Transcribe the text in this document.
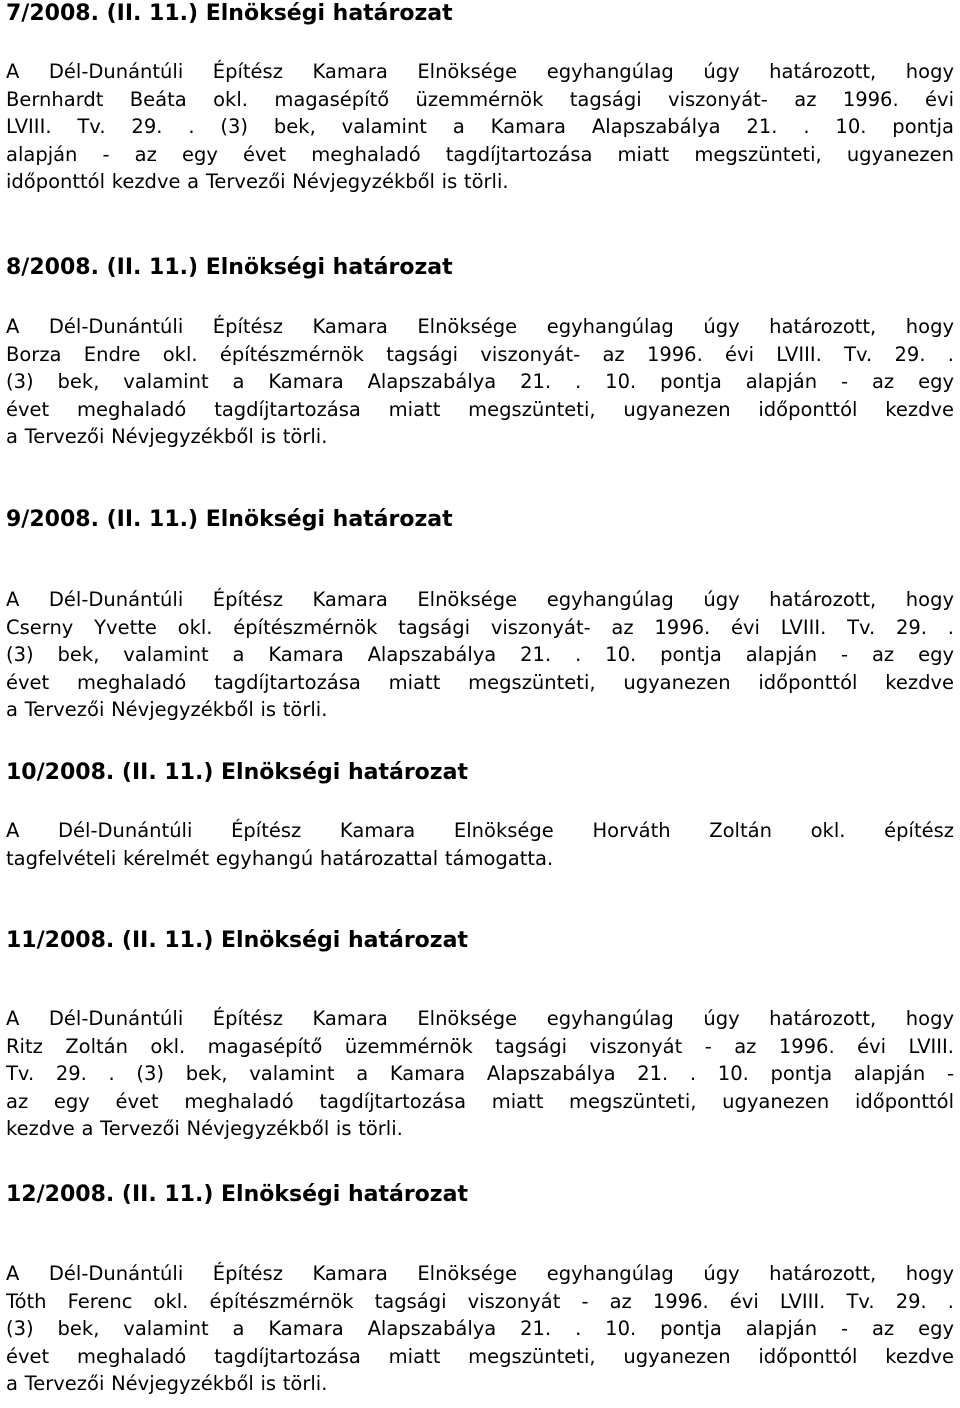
7/2008. (II. 11.) Elnökségi határozat

A Dél-Dunántúli Építész Kamara Elnöksége egyhangúlag úgy határozott, hogy
Bernhardt Beáta okl. magasépítő üzemmérnök tagsági viszonyát- az 1996. évi
LVIII. Tv. 29. . (3) bek, valamint a Kamara Alapszabálya 21. . 10. pontja
alapján - az egy évet meghaladó tagdíjtartozása miatt megszünteti, ugyanezen
időponttól kezdve a Tervezői Névjegyzékből is törli.

8/2008. (II. 11.) Elnökségi határozat

A Dél-Dunántúli Építész Kamara Elnöksége egyhangúlag úgy határozott, hogy
Borza Endre okl. építészmérnök tagsági viszonyát- az 1996. évi LVIII. Tv. 29. .
(3) bek, valamint a Kamara Alapszabálya 21. . 10. pontja alapján - az egy
évet meghaladó tagdíjtartozása miatt megszünteti, ugyanezen időponttól kezdve
a Tervezői Névjegyzékből is törli.

9/2008. (II. 11.) Elnökségi határozat

A Dél-Dunántúli Építész Kamara Elnöksége egyhangúlag úgy határozott, hogy
Cserny Yvette okl. építészmérnök tagsági viszonyát- az 1996. évi LVIII. Tv. 29. .
(3) bek, valamint a Kamara Alapszabálya 21. . 10. pontja alapján - az egy
évet meghaladó tagdíjtartozása miatt megszünteti, ugyanezen időponttól kezdve
a Tervezői Névjegyzékből is törli.

10/2008. (II. 11.) Elnökségi határozat

A Dél-Dunántúli Építész Kamara Elnöksége Horváth Zoltán okl. építész
tagfelvételi kérelmét egyhangú határozattal támogatta.

11/2008. (II. 11.) Elnökségi határozat

A Dél-Dunántúli Építész Kamara Elnöksége egyhangúlag úgy határozott, hogy
Ritz Zoltán okl. magasépítő üzemmérnök tagsági viszonyát - az 1996. évi LVIII.
Tv. 29. . (3) bek, valamint a Kamara Alapszabálya 21. . 10. pontja alapján -
az egy évet meghaladó tagdíjtartozása miatt megszünteti, ugyanezen időponttól
kezdve a Tervezői Névjegyzékből is törli.

12/2008. (II. 11.) Elnökségi határozat

A Dél-Dunántúli Építész Kamara Elnöksége egyhangúlag úgy határozott, hogy
Tóth Ferenc okl. építészmérnök tagsági viszonyát - az 1996. évi LVIII. Tv. 29. .
(3) bek, valamint a Kamara Alapszabálya 21. . 10. pontja alapján - az egy
évet meghaladó tagdíjtartozása miatt megszünteti, ugyanezen időponttól kezdve
a Tervezői Névjegyzékből is törli.
